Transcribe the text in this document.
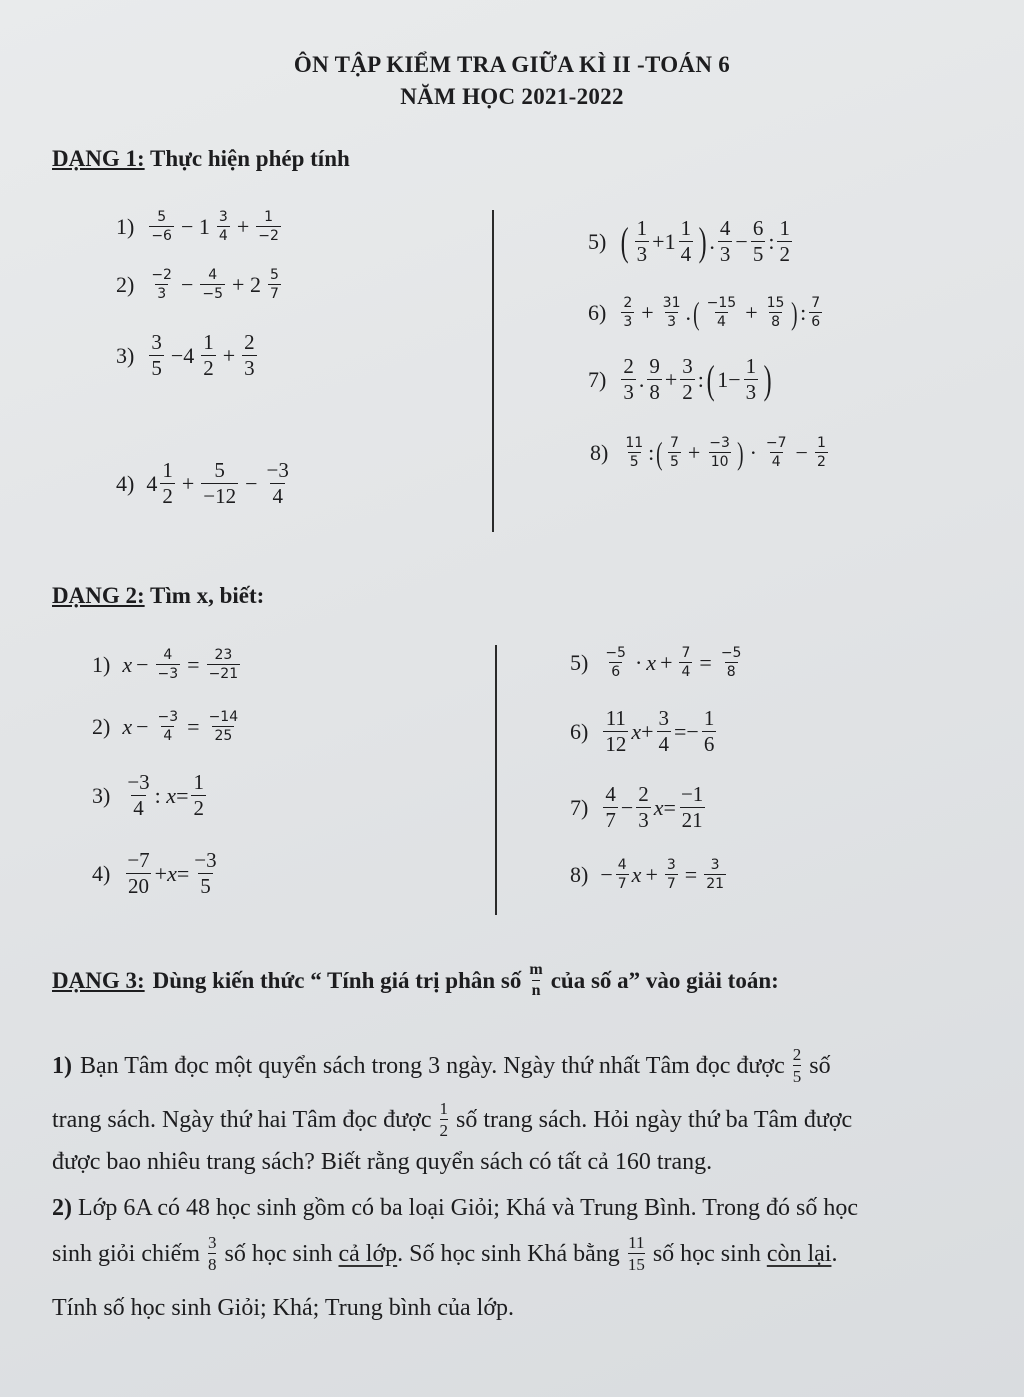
ÔN TẬP KIỂM TRA GIỮA KÌ II -TOÁN 6
NĂM HỌC 2021-2022
DẠNG 1: Thực hiện phép tính
$1) \frac{5}{-6} - 1 \frac{3}{4} + \frac{1}{-2}$
$2) \frac{-2}{3} - \frac{4}{-5} + 2 \frac{5}{7}$
$3) \frac{3}{5} -4 \frac{1}{2} + \frac{2}{3}$
4) $4 \frac{1}{2} + \frac{5}{-12} - \frac{-3}{4}$
5) ( $\frac{1}{3} +1 \frac{1}{4}$ ) . $\frac{4}{3} - \frac{6}{5}$ : $\frac{1}{2}$
$6) \frac{2}{3} + \frac{31}{3}$ . ( $\frac{-15}{4} + \frac{15}{8}$ ) : $\frac{7}{6}$
$7) \frac{2}{3}$ . $\frac{9}{8} + \frac{3}{2}$ : ( $1- \frac{1}{3}$ )
$8) \frac{11}{5}$ : ( $\frac{7}{5} + \frac{-3}{10}$ ) · $\frac{-7}{4} - \frac{1}{2}$
DẠNG 2: Tìm x, biết:
1) $x - \frac{4}{-3} = \frac{23}{-21}$
2) $x - \frac{-3}{4} = \frac{-14}{25}$
$3) \frac{-3}{4}$ : $x = \frac{1}{2}$
$4) \frac{-7}{20} + x = \frac{-3}{5}$
$5) \frac{-5}{6} \cdot x + \frac{7}{4} = \frac{-5}{8}$
$6) \frac{11}{12}$ $x + \frac{3}{4} =- \frac{1}{6}$
$7) \frac{4}{7} - \frac{2}{3}$ $x = \frac{-1}{21}$
$8) - \frac{4}{7}$ $x + \frac{3}{7} = \frac{3}{21}$
DẠNG 3: Dùng kiến thức “ Tính giá trị phân số $\frac{m}{n}$ của số a” vào giải toán:
1) Bạn Tâm đọc một quyển sách trong 3 ngày. Ngày thứ nhất Tâm đọc được $\frac{2}{5}$ số
trang sách. Ngày thứ hai Tâm đọc được $\frac{1}{2}$ số trang sách. Hỏi ngày thứ ba Tâm được
được bao nhiêu trang sách? Biết rằng quyển sách có tất cả 160 trang.
2) Lớp 6A có 48 học sinh gồm có ba loại Giỏi; Khá và Trung Bình. Trong đó số học
sinh giỏi chiếm $\frac{3}{8}$ số học sinh cả lớp . Số học sinh Khá bằng $\frac{11}{15}$ số học sinh còn lại .
Tính số học sinh Giỏi; Khá; Trung bình của lớp.
